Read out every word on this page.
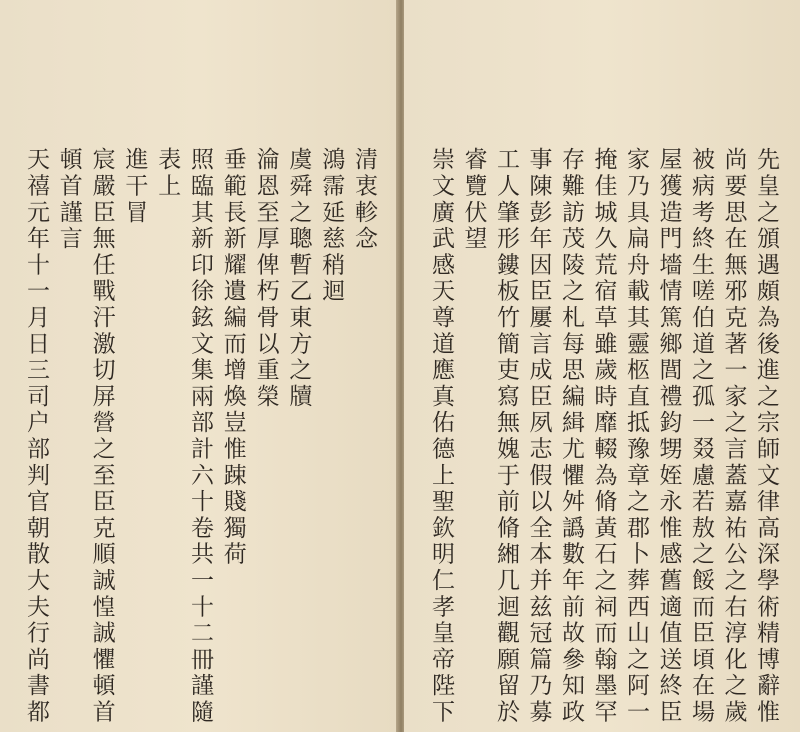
清衷軫念
鴻霈延慈稍迴
虞舜之聰暫乙東方之牘
淪恩至厚俾朽骨以重榮
垂範長新耀遺編而增煥豈惟踈賤獨荷
照臨其新印徐鉉文集兩部計六十卷共一十二冊謹隨
表上
進干冒
宸嚴臣無任戰汗激切屏營之至臣克順誠惶誠懼頓首
頓首謹言
天禧元年十一月日三司户部判官朝散大夫行尚書都	先皇之頒遇頗為後進之宗師文律高深學術精博辭惟
尚要思在無邪克著一家之言蓋嘉祐公之右淳化之歲
被病考終生嗟伯道之孤一叕慮若敖之餒而臣頃在場
屋獲造門墻情篤鄉閭禮鈞甥姪永惟感舊適值送終臣
家乃具扁舟載其靈柩直抵豫章之郡卜葬西山之阿一
掩佳城久荒宿草雖歲時靡輟為脩黃石之祠而翰墨罕
存難訪茂陵之札每思編緝尤懼舛譌數年前故參知政
事陳彭年因臣屢言成臣夙志假以全本并兹冠篇乃募
工人肇形鏤板竹簡吏寫無媿于前脩緗几迴觀願留於
睿覽伏望
崇文廣武感天尊道應真佑德上聖欽明仁孝皇帝陛下
